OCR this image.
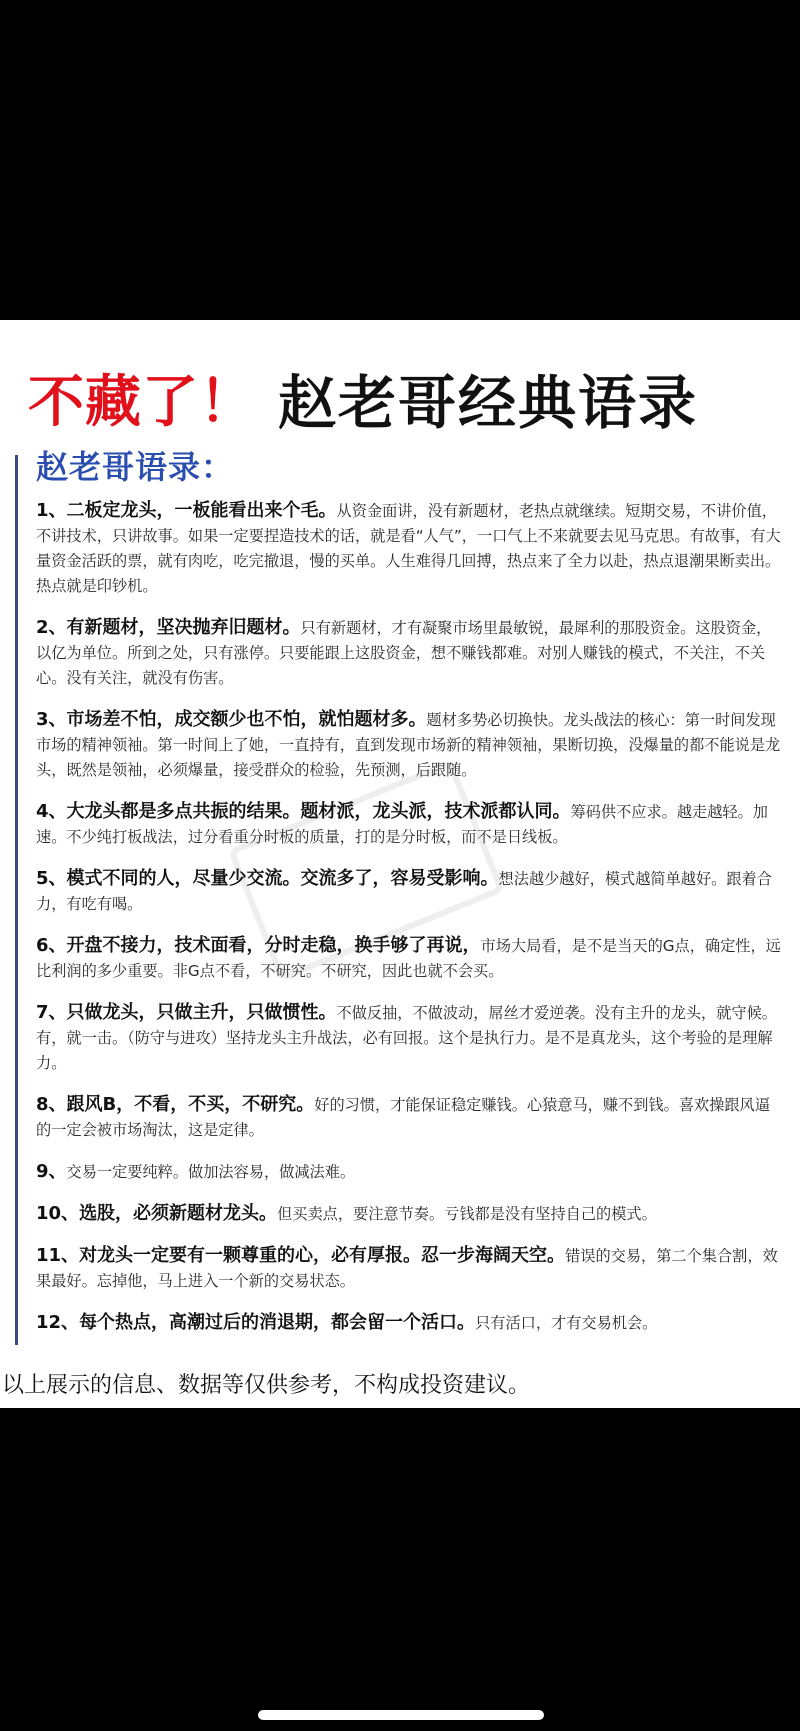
不藏了！ 赵老哥经典语录
赵老哥语录：
1、二板定龙头，一板能看出来个毛。从资金面讲，没有新题材，老热点就继续。短期交易，不讲价值，不讲技术，只讲故事。如果一定要捏造技术的话，就是看“人气”，一口气上不来就要去见马克思。有故事，有大量资金活跃的票，就有肉吃，吃完撤退，慢的买单。人生难得几回搏，热点来了全力以赴，热点退潮果断卖出。热点就是印钞机。
2、有新题材，坚决抛弃旧题材。只有新题材，才有凝聚市场里最敏锐，最犀利的那股资金。这股资金，以亿为单位。所到之处，只有涨停。只要能跟上这股资金，想不赚钱都难。对别人赚钱的模式，不关注，不关心。没有关注，就没有伤害。
3、市场差不怕，成交额少也不怕，就怕题材多。题材多势必切换快。龙头战法的核心：第一时间发现市场的精神领袖。第一时间上了她，一直持有，直到发现市场新的精神领袖，果断切换，没爆量的都不能说是龙头，既然是领袖，必须爆量，接受群众的检验，先预测，后跟随。
4、大龙头都是多点共振的结果。题材派，龙头派，技术派都认同。筹码供不应求。越走越轻。加速。不少纯打板战法，过分看重分时板的质量，打的是分时板，而不是日线板。
5、模式不同的人，尽量少交流。交流多了，容易受影响。想法越少越好，模式越简单越好。跟着合力，有吃有喝。
6、开盘不接力，技术面看，分时走稳，换手够了再说，市场大局看，是不是当天的G点，确定性，远比利润的多少重要。非G点不看，不研究。不研究，因此也就不会买。
7、只做龙头，只做主升，只做惯性。不做反抽，不做波动，屌丝才爱逆袭。没有主升的龙头，就守候。有，就一击。（防守与进攻）坚持龙头主升战法，必有回报。这个是执行力。是不是真龙头，这个考验的是理解力。
8、跟风B，不看，不买，不研究。好的习惯，才能保证稳定赚钱。心猿意马，赚不到钱。喜欢操跟风逼的一定会被市场淘汰，这是定律。
9、交易一定要纯粹。做加法容易，做减法难。
10、选股，必须新题材龙头。但买卖点，要注意节奏。亏钱都是没有坚持自己的模式。
11、对龙头一定要有一颗尊重的心，必有厚报。忍一步海阔天空。错误的交易，第二个集合割，效果最好。忘掉他，马上进入一个新的交易状态。
12、每个热点，高潮过后的消退期，都会留一个活口。只有活口，才有交易机会。
以上展示的信息、数据等仅供参考，不构成投资建议。
